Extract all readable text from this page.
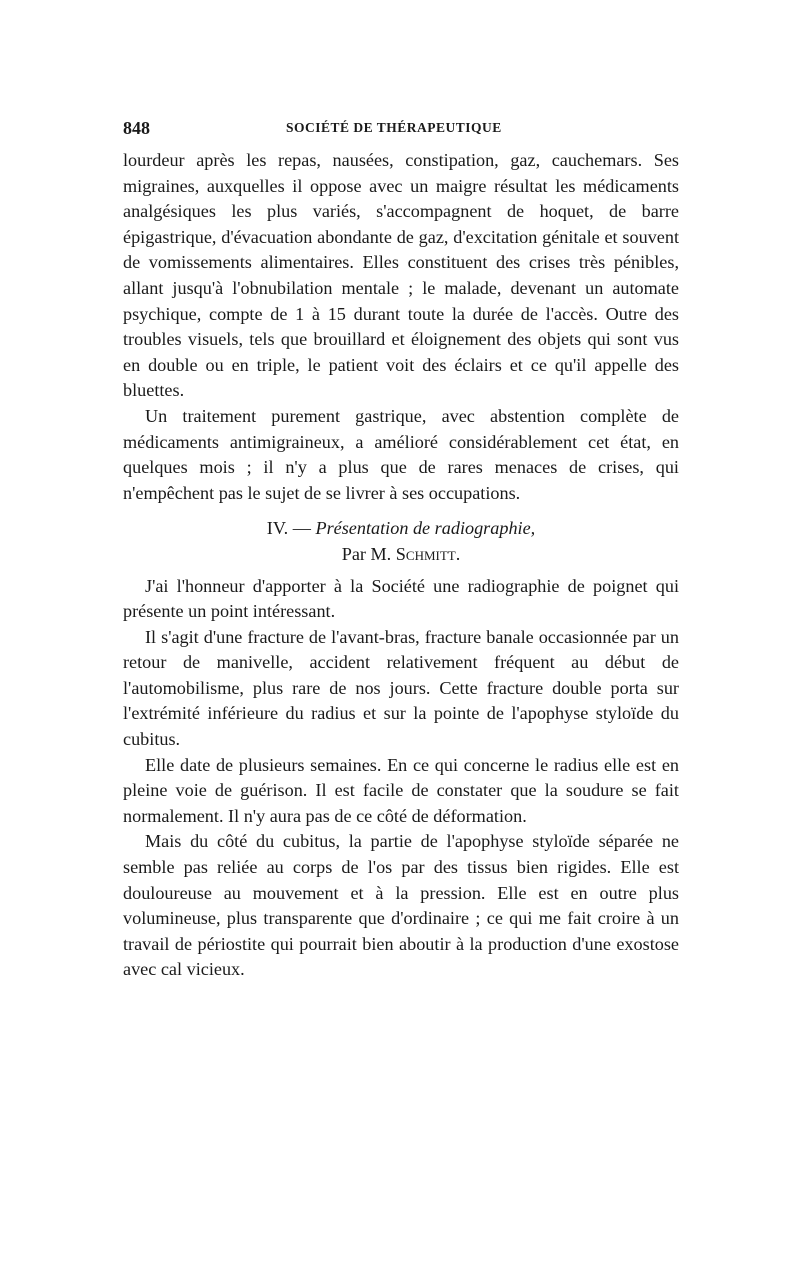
848	SOCIÉTÉ DE THÉRAPEUTIQUE

lourdeur après les repas, nausées, constipation, gaz, cauchemars. Ses migraines, auxquelles il oppose avec un maigre résultat les médicaments analgésiques les plus variés, s'accompagnent de hoquet, de barre épigastrique, d'évacuation abondante de gaz, d'excitation génitale et souvent de vomissements alimentaires. Elles constituent des crises très pénibles, allant jusqu'à l'obnubilation mentale ; le malade, devenant un automate psychique, compte de 1 à 15 durant toute la durée de l'accès. Outre des troubles visuels, tels que brouillard et éloignement des objets qui sont vus en double ou en triple, le patient voit des éclairs et ce qu'il appelle des bluettes.

Un traitement purement gastrique, avec abstention complète de médicaments antimigraineux, a amélioré considérablement cet état, en quelques mois ; il n'y a plus que de rares menaces de crises, qui n'empêchent pas le sujet de se livrer à ses occupations.

IV. — Présentation de radiographie,
Par M. Schmitt.

J'ai l'honneur d'apporter à la Société une radiographie de poignet qui présente un point intéressant.

Il s'agit d'une fracture de l'avant-bras, fracture banale occasionnée par un retour de manivelle, accident relativement fréquent au début de l'automobilisme, plus rare de nos jours. Cette fracture double porta sur l'extrémité inférieure du radius et sur la pointe de l'apophyse styloïde du cubitus.

Elle date de plusieurs semaines. En ce qui concerne le radius elle est en pleine voie de guérison. Il est facile de constater que la soudure se fait normalement. Il n'y aura pas de ce côté de déformation.

Mais du côté du cubitus, la partie de l'apophyse styloïde séparée ne semble pas reliée au corps de l'os par des tissus bien rigides. Elle est douloureuse au mouvement et à la pression. Elle est en outre plus volumineuse, plus transparente que d'ordinaire ; ce qui me fait croire à un travail de périostite qui pourrait bien aboutir à la production d'une exostose avec cal vicieux.
